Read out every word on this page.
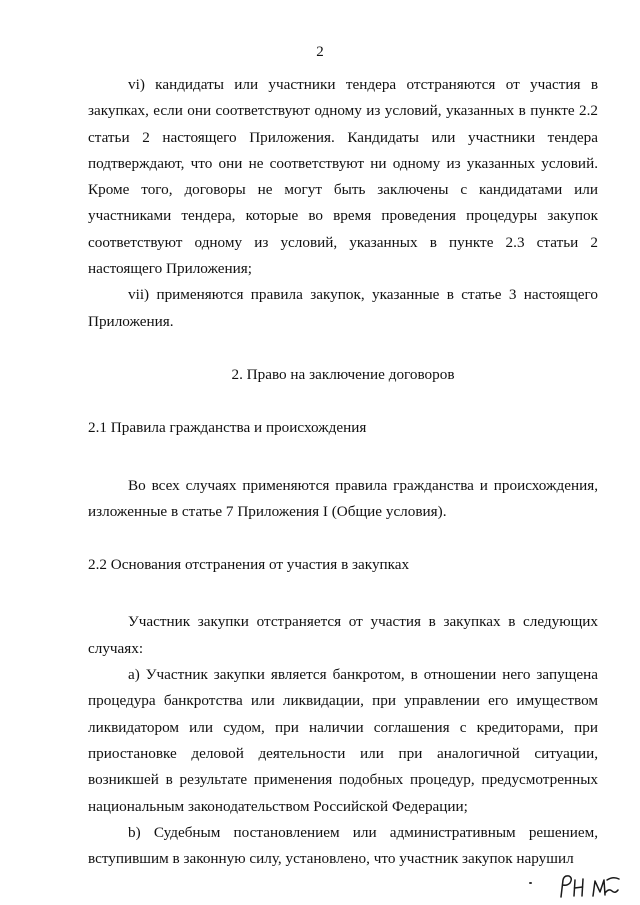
2

vi) кандидаты или участники тендера отстраняются от участия в закупках, если они соответствуют одному из условий, указанных в пункте 2.2 статьи 2 настоящего Приложения. Кандидаты или участники тендера подтверждают, что они не соответствуют ни одному из указанных условий. Кроме того, договоры не могут быть заключены с кандидатами или участниками тендера, которые во время проведения процедуры закупок соответствуют одному из условий, указанных в пункте 2.3 статьи 2 настоящего Приложения;

vii) применяются правила закупок, указанные в статье 3 настоящего Приложения.

2. Право на заключение договоров

2.1 Правила гражданства и происхождения

Во всех случаях применяются правила гражданства и происхождения, изложенные в статье 7 Приложения I (Общие условия).

2.2 Основания отстранения от участия в закупках

Участник закупки отстраняется от участия в закупках в следующих случаях:

a) Участник закупки является банкротом, в отношении него запущена процедура банкротства или ликвидации, при управлении его имуществом ликвидатором или судом, при наличии соглашения с кредиторами, при приостановке деловой деятельности или при аналогичной ситуации, возникшей в результате применения подобных процедур, предусмотренных национальным законодательством Российской Федерации;

b) Судебным постановлением или административным решением, вступившим в законную силу, установлено, что участник закупок нарушил
